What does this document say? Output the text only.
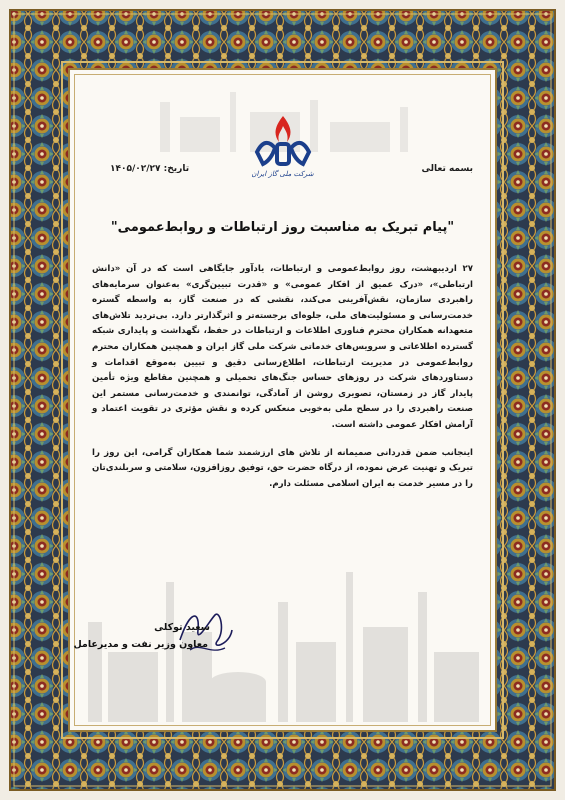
بسمه تعالی
شرکت ملی گاز ایران
تاریخ: ۱۴۰۵/۰۲/۲۷
"پیام تبریک به مناسبت روز ارتباطات و روابط‌عمومی"

۲۷ اردیبهشت، روز روابط‌عمومی و ارتباطات، یادآور جایگاهی است که در آن «دانش ارتباطی»، «درک عمیق از افکار عمومی» و «قدرت تبیین‌گری» به‌عنوان سرمایه‌های راهبردی سازمان، نقش‌آفرینی می‌کند، نقشی که در صنعت گاز، به واسطه گستره خدمت‌رسانی و مسئولیت‌های ملی، جلوه‌ای برجسته‌تر و اثرگذارتر دارد. بی‌تردید تلاش‌های متعهدانه همکاران محترم فناوری اطلاعات و ارتباطات در حفظ، نگهداشت و پایداری شبکه گسترده اطلاعاتی و سرویس‌های خدماتی شرکت ملی گاز ایران و همچنین همکاران محترم روابط‌عمومی در مدیریت ارتباطات، اطلاع‌رسانی دقیق و تبیین به‌موقع اقدامات و دستاوردهای شرکت در روزهای حساس جنگ‌های تحمیلی و همچنین مقاطع ویژه تأمین پایدار گاز در زمستان، تصویری روشن از آمادگی، توانمندی و خدمت‌رسانی مستمر این صنعت راهبردی را در سطح ملی به‌خوبی منعکس کرده و نقش مؤثری در تقویت اعتماد و آرامش افکار عمومی داشته است.

اینجانب ضمن قدردانی صمیمانه از تلاش های ارزشمند شما همکاران گرامی، این روز را تبریک و تهنیت عرض نموده، از درگاه حضرت حق، توفیق روزافزون، سلامتی و سربلندی‌تان را در مسیر خدمت به ایران اسلامی مسئلت دارم.

سعید توکلی
معاون وزیر نفت و مدیرعامل
